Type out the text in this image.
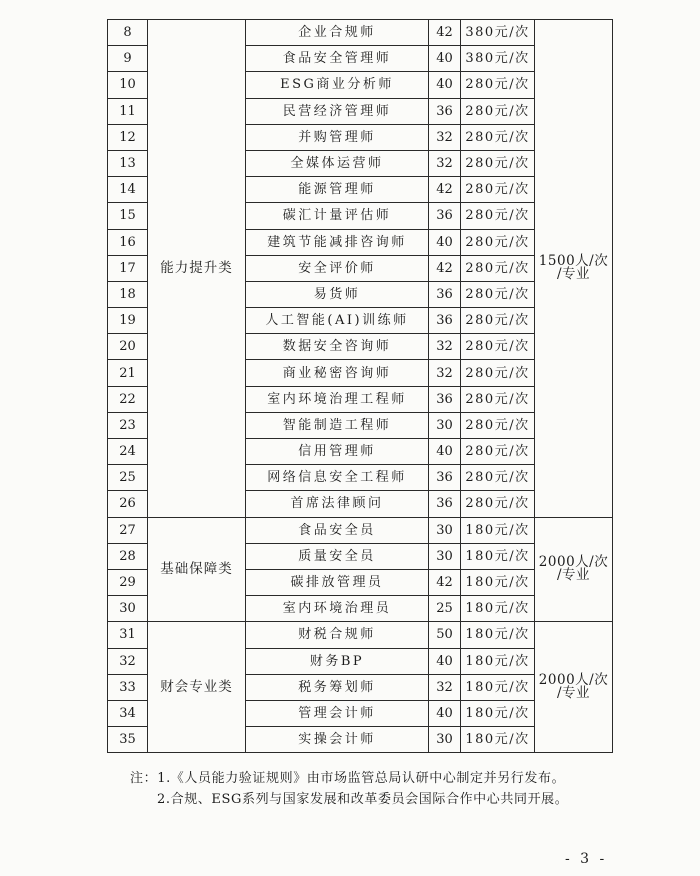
8	能力提升类	企业合规师	42	380元/次	1500人/次
/专业

9		食品安全管理师	40	380元/次	
10		ESG商业分析师	40	280元/次	
11		民营经济管理师	36	280元/次	
12		并购管理师	32	280元/次	
13		全媒体运营师	32	280元/次	
14		能源管理师	42	280元/次	
15		碳汇计量评估师	36	280元/次	
16		建筑节能减排咨询师	40	280元/次	
17		安全评价师	42	280元/次	
18		易货师	36	280元/次	
19		人工智能(AI)训练师	36	280元/次	
20		数据安全咨询师	32	280元/次	
21		商业秘密咨询师	32	280元/次	
22		室内环境治理工程师	36	280元/次	
23		智能制造工程师	30	280元/次	
24		信用管理师	40	280元/次	
25		网络信息安全工程师	36	280元/次	
26		首席法律顾问	36	280元/次	
27	基础保障类	食品安全员	30	180元/次	2000人/次
/专业

28		质量安全员	30	180元/次	
29		碳排放管理员	42	180元/次	
30		室内环境治理员	25	180元/次	
31	财会专业类	财税合规师	50	180元/次	2000人/次
/专业

32		财务BP	40	180元/次	
33		税务筹划师	32	180元/次	
34		管理会计师	40	180元/次	
35		实操会计师	30	180元/次	
注：1.《人员能力验证规则》由市场监管总局认研中心制定并另行发布。
2.合规、ESG系列与国家发展和改革委员会国际合作中心共同开展。
- 3 -
